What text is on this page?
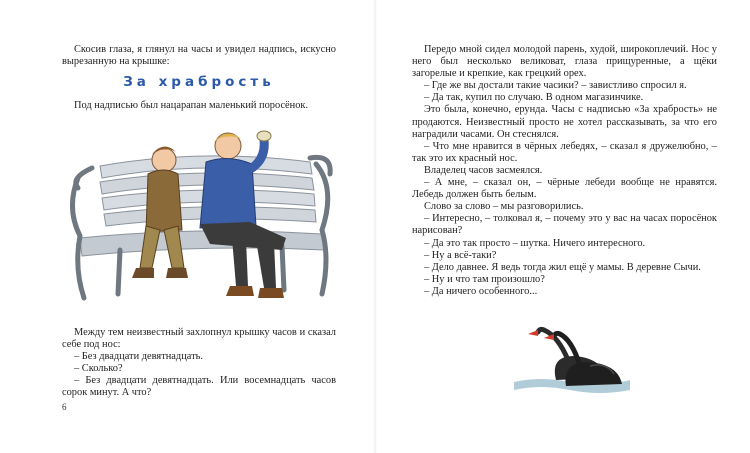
Скосив глаза, я глянул на часы и увидел надпись, искусно вырезанную на крышке:

За храбрость

Под надписью был нацарапан маленький поросёнок.

Между тем неизвестный захлопнул крышку часов и сказал себе под нос:

– Без двадцати девятнадцать.

– Сколько?

– Без двадцати девятнадцать. Или восемнадцать часов сорок минут. А что?

6

Передо мной сидел молодой парень, худой, широкоплечий. Нос у него был несколько великоват, глаза прищуренные, а щёки загорелые и крепкие, как грецкий орех.

– Где же вы достали такие часики? – завистливо спросил я.

– Да так, купил по случаю. В одном магазинчике.

Это была, конечно, ерунда. Часы с надписью «За храбрость» не продаются. Неизвестный просто не хотел рассказывать, за что его наградили часами. Он стеснялся.

– Что мне нравится в чёрных лебедях, – сказал я дружелюбно, – так это их красный нос.

Владелец часов засмеялся.

– А мне, – сказал он, – чёрные лебеди вообще не нравятся. Лебедь должен быть белым.

Слово за слово – мы разговорились.

– Интересно, – толковал я, – почему это у вас на часах поросёнок нарисован?

– Да это так просто – шутка. Ничего интересного.

– Ну а всё-таки?

– Дело давнее. Я ведь тогда жил ещё у мамы. В деревне Сычи.

– Ну и что там произошло?

– Да ничего особенного...
